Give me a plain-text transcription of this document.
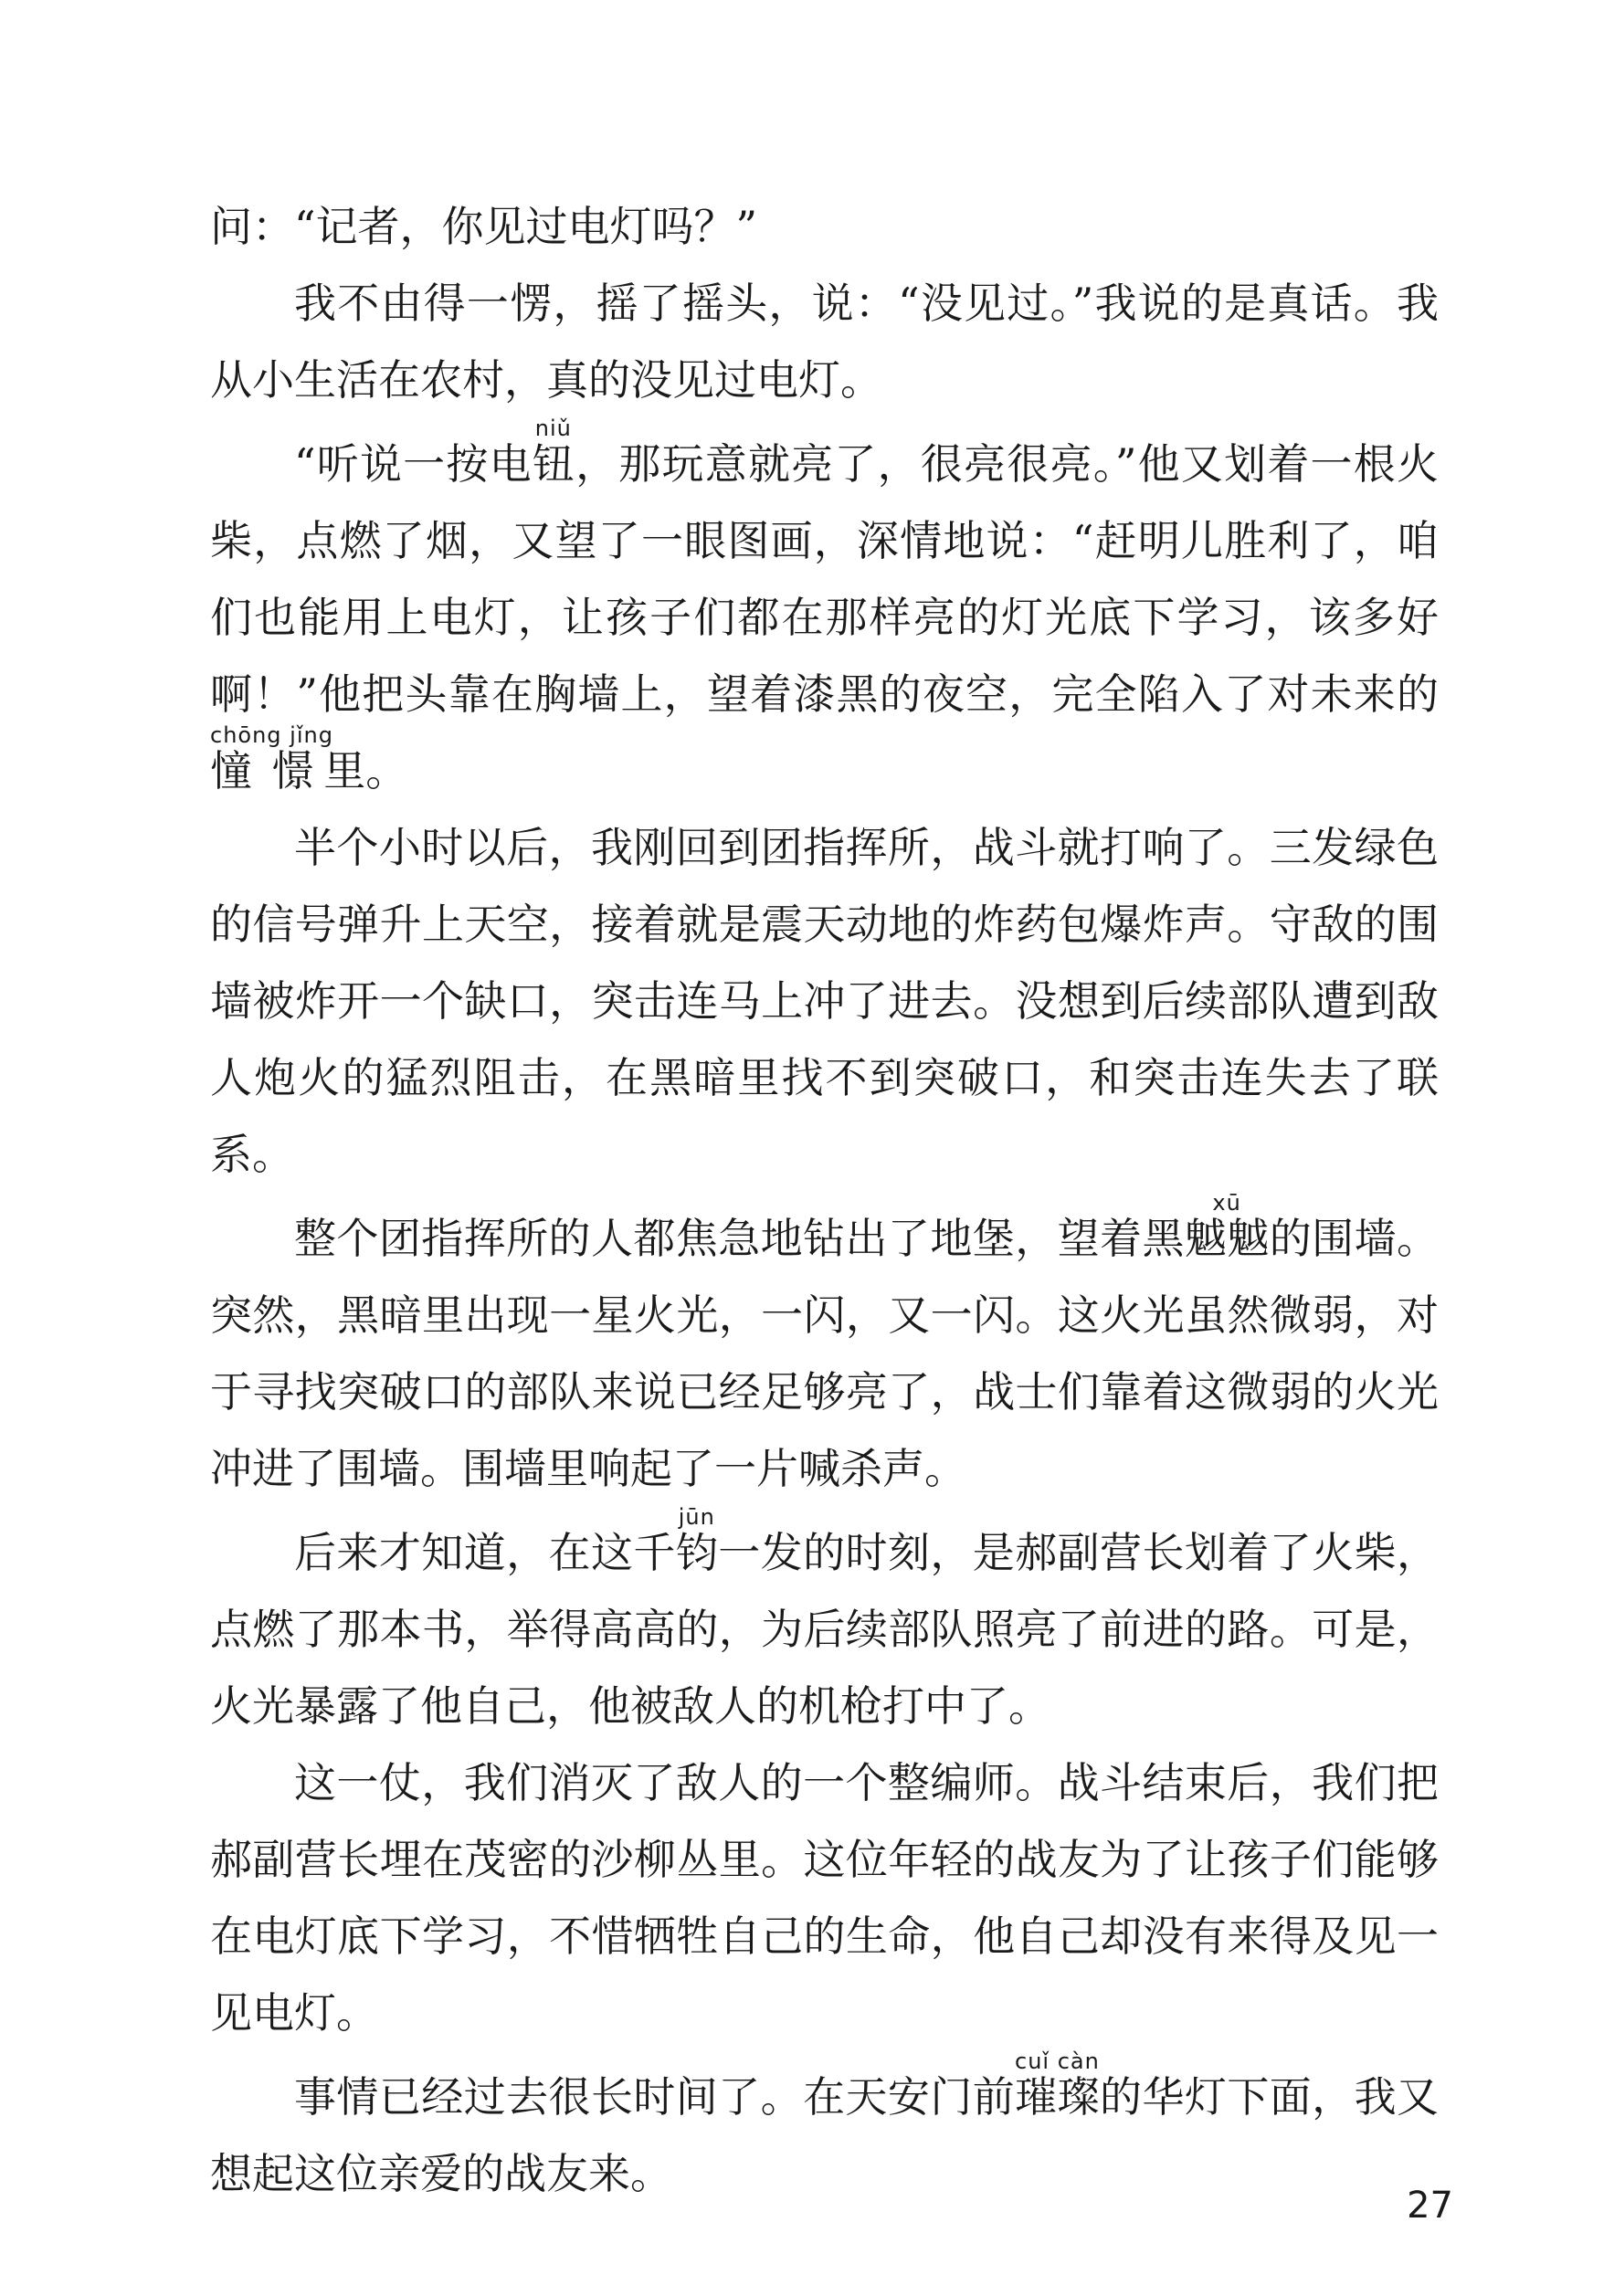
问：“记者，你见过电灯吗？”

我不由得一愣，摇了摇头，说：“没见过。”我说的是真话。我从小生活在农村，真的没见过电灯。

“听说一按电钮niǔ，那玩意就亮了，很亮很亮。”他又划着一根火柴，点燃了烟，又望了一眼图画，深情地说：“赶明儿胜利了，咱们也能用上电灯，让孩子们都在那样亮的灯光底下学习，该多好啊！”他把头靠在胸墙上，望着漆黑的夜空，完全陷入了对未来的憧憬chōng jǐng里。

半个小时以后，我刚回到团指挥所，战斗就打响了。三发绿色的信号弹升上天空，接着就是震天动地的炸药包爆炸声。守敌的围墙被炸开一个缺口，突击连马上冲了进去。没想到后续部队遭到敌人炮火的猛烈阻击，在黑暗里找不到突破口，和突击连失去了联系。

整个团指挥所的人都焦急地钻出了地堡，望着黑魆魆xū的围墙。突然，黑暗里出现一星火光，一闪，又一闪。这火光虽然微弱，对于寻找突破口的部队来说已经足够亮了，战士们靠着这微弱的火光冲进了围墙。围墙里响起了一片喊杀声。

后来才知道，在这千钧jūn一发的时刻，是郝副营长划着了火柴，点燃了那本书，举得高高的，为后续部队照亮了前进的路。可是，火光暴露了他自己，他被敌人的机枪打中了。

这一仗，我们消灭了敌人的一个整编师。战斗结束后，我们把郝副营长埋在茂密的沙柳丛里。这位年轻的战友为了让孩子们能够在电灯底下学习，不惜牺牲自己的生命，他自己却没有来得及见一见电灯。

事情已经过去很长时间了。在天安门前璀璨cuǐ càn的华灯下面，我又想起这位亲爱的战友来。

27
